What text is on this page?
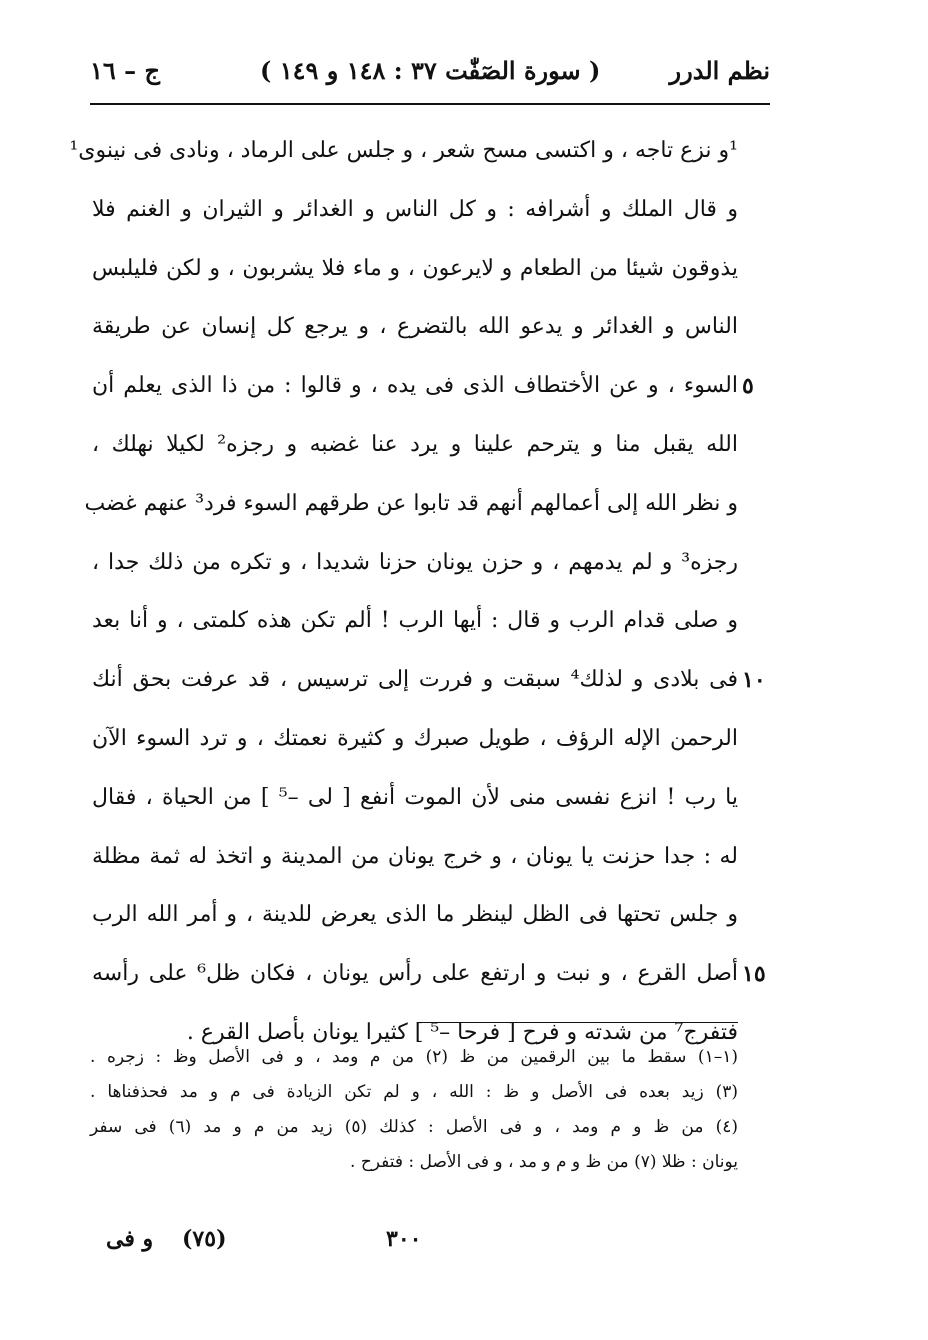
نظم الدرر
( سورة الصٓفّٰت ٣٧ : ١٤٨ و ١٤٩ )
ج – ١٦
¹و نزع تاجه ، و اكتسى مسح شعر ، و جلس على الرماد ، ونادى فى نينوى¹
و قال الملك و أشرافه : و كل الناس و الغدائر و الثيران و الغنم فلا
يذوقون شيئا من الطعام و لايرعون ، و ماء فلا يشربون ، و لكن فليلبس
الناس و الغدائر و يدعو الله بالتضرع ، و يرجع كل إنسان عن طريقة
السوء ، و عن الأختطاف الذى فى يده ، و قالوا : من ذا الذى يعلم أن
الله يقبل منا و يترحم علينا و يرد عنا غضبه و رجزه² لكيلا نهلك ،
و نظر الله إلى أعمالهم أنهم قد تابوا عن طرقهم السوء فرد³ عنهم غضب
رجزه³ و لم يدمهم ، و حزن يونان حزنا شديدا ، و تكره من ذلك جدا ،
و صلى قدام الرب و قال : أيها الرب ! ألم تكن هذه كلمتى ، و أنا بعد
فى بلادى و لذلك⁴ سبقت و فررت إلى ترسيس ، قد عرفت بحق أنك
الرحمن الإله الرؤف ، طويل صبرك و كثيرة نعمتك ، و ترد السوء الآن
يا رب ! انزع نفسى منى لأن الموت أنفع [ لى –⁵ ] من الحياة ، فقال
له : جدا حزنت يا يونان ، و خرج يونان من المدينة و اتخذ له ثمة مظلة
و جلس تحتها فى الظل لينظر ما الذى يعرض للدينة ، و أمر الله الرب
أصل القرع ، و نبت و ارتفع على رأس يونان ، فكان ظل⁶ على رأسه
فتفرج⁷ من شدته و فرح [ فرحا –⁵ ] كثيرا يونان بأصل القرع .
٥
١٠
١٥
(١–١) سقط ما بين الرقمين من ظ (٢) من م ومد ، و فى الأصل وظ : زجره .
(٣) زيد بعده فى الأصل و ظ : الله ، و لم تكن الزيادة فى م و مد فحذفناها .
(٤) من ظ و م ومد ، و فى الأصل : كذلك (٥) زيد من م و مد (٦) فى سفر
يونان : ظلا (٧) من ظ و م و مد ، و فى الأصل : فتفرح .
و فى (٧٥)	٣٠٠
